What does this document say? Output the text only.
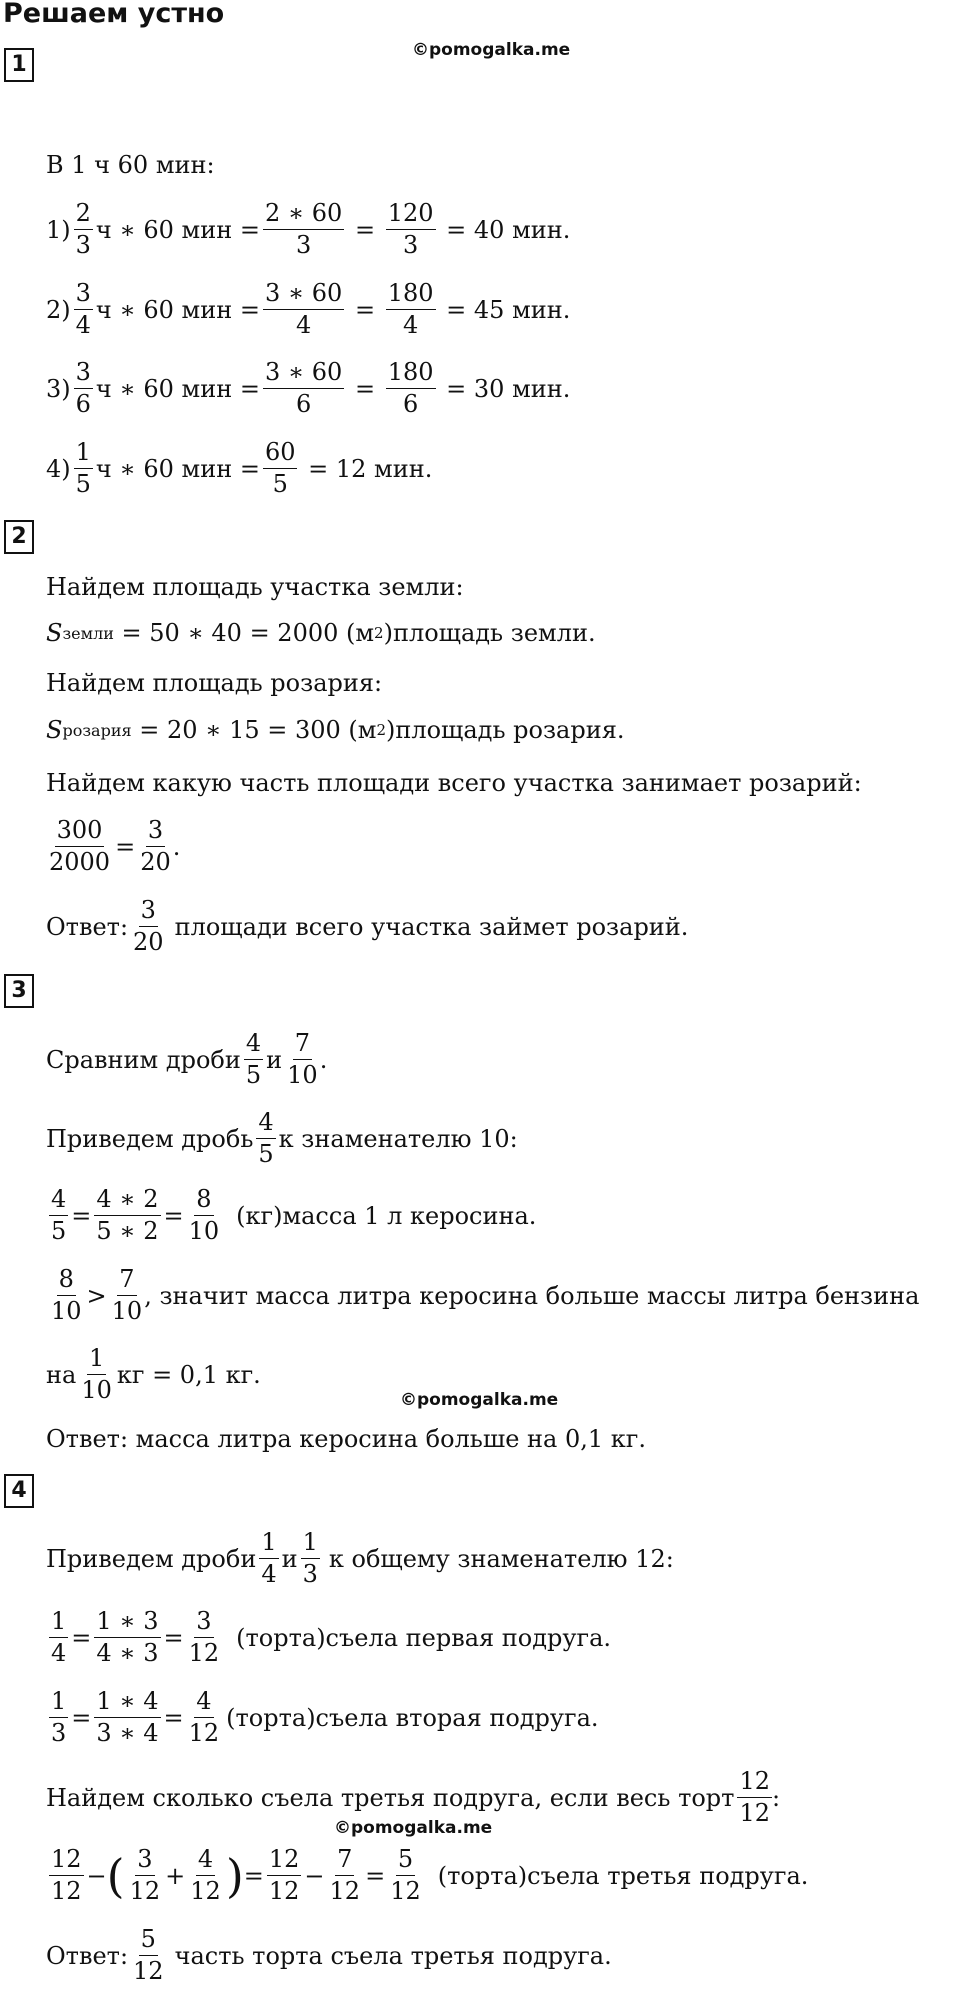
Решаем устно
©pomogalka.me
1
В 1 ч 60 мин:
$1) \frac{2}{3}$ ч ∗ 60 мин = $\frac{2 ∗ 60}{3} = \frac{120}{3}$
= 40 мин.
$2) \frac{3}{4}$ ч ∗ 60 мин = $\frac{3 ∗ 60}{4} = \frac{180}{4}$
= 45 мин.
$3) \frac{3}{6}$ ч ∗ 60 мин = $\frac{3 ∗ 60}{6} = \frac{180}{6}$
= 30 мин.
$4) \frac{1}{5}$ ч ∗ 60 мин = $\frac{60}{5}$
= 12 мин.
2
Найдем площадь участка земли:
S земли = 50 ∗ 40 = 2000 (м 2 )площадь земли.
Найдем площадь розария:
S розария = 20 ∗ 15 = 300 (м 2 )площадь розария.
Найдем какую часть площади всего участка занимает розарий:
$\frac{300}{2000} = \frac{3}{20}$ .
Ответ: $\frac{3}{20}$ площади всего участка займет розарий.
3
Сравним дроби $\frac{4}{5}$ и $\frac{7}{10}$ .
Приведем дробь $\frac{4}{5}$ к знаменателю 10:
$\frac{4}{5} = \frac{4 ∗ 2}{5 ∗ 2} = \frac{8}{10}$ (кг)масса 1 л керосина.
$\frac{8}{10} > \frac{7}{10}$ , значит масса литра керосина больше массы литра бензина
на $\frac{1}{10}$ кг = 0,1 кг.
©pomogalka.me
Ответ: масса литра керосина больше на 0,1 кг.
4
Приведем дроби $\frac{1}{4}$ и $\frac{1}{3}$ к общему знаменателю 12:
$\frac{1}{4} = \frac{1 ∗ 3}{4 ∗ 3} = \frac{3}{12}$ (торта)съела первая подруга.
$\frac{1}{3} = \frac{1 ∗ 4}{3 ∗ 4} = \frac{4}{12}$ (торта)съела вторая подруга.
Найдем сколько съела третья подруга, если весь торт $\frac{12}{12}$ :
©pomogalka.me
$\frac{12}{12}$ − ( $\frac{3}{12} + \frac{4}{12}$ ) = $\frac{12}{12} - \frac{7}{12} = \frac{5}{12}$ (торта)съела третья подруга.
Ответ: $\frac{5}{12}$ часть торта съела третья подруга.
